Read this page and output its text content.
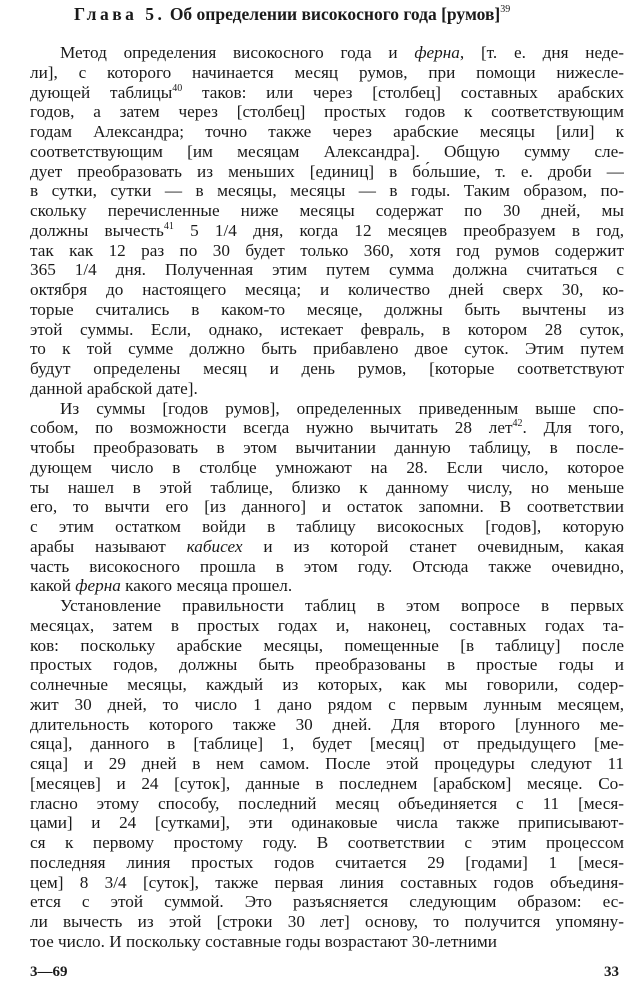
Глава 5. Об определении високосного года [румов]$^{39}$
Метод определения високосного года и ферна, [т. е. дня неде-
ли], с которого начинается месяц румов, при помощи нижесле-
дующей таблицы$^{40}$ таков: или через [столбец] составных арабских
годов, а затем через [столбец] простых годов к соответствующим
годам Александра; точно также через арабские месяцы [или] к
соответствующим [им месяцам Александра]. Общую сумму сле-
дует преобразовать из меньших [единиц] в бо́льшие, т. е. дроби —
в сутки, сутки — в месяцы, месяцы — в годы. Таким образом, по-
скольку перечисленные ниже месяцы содержат по 30 дней, мы
должны вычесть$^{41}$ 5 1/4 дня, когда 12 месяцев преобразуем в год,
так как 12 раз по 30 будет только 360, хотя год румов содержит
365 1/4 дня. Полученная этим путем сумма должна считаться с
октября до настоящего месяца; и количество дней сверх 30, ко-
торые считались в каком-то месяце, должны быть вычтены из
этой суммы. Если, однако, истекает февраль, в котором 28 суток,
то к той сумме должно быть прибавлено двое суток. Этим путем
будут определены месяц и день румов, [которые соответствуют
данной арабской дате].
Из суммы [годов румов], определенных приведенным выше спо-
собом, по возможности всегда нужно вычитать 28 лет$^{42}$. Для того,
чтобы преобразовать в этом вычитании данную таблицу, в после-
дующем число в столбце умножают на 28. Если число, которое
ты нашел в этой таблице, близко к данному числу, но меньше
его, то вычти его [из данного] и остаток запомни. В соответствии
с этим остатком войди в таблицу високосных [годов], которую
арабы называют кабисех и из которой станет очевидным, какая
часть високосного прошла в этом году. Отсюда также очевидно,
какой ферна какого месяца прошел.
Установление правильности таблиц в этом вопросе в первых
месяцах, затем в простых годах и, наконец, составных годах та-
ков: поскольку арабские месяцы, помещенные [в таблицу] после
простых годов, должны быть преобразованы в простые годы и
солнечные месяцы, каждый из которых, как мы говорили, содер-
жит 30 дней, то число 1 дано рядом с первым лунным месяцем,
длительность которого также 30 дней. Для второго [лунного ме-
сяца], данного в [таблице] 1, будет [месяц] от предыдущего [ме-
сяца] и 29 дней в нем самом. После этой процедуры следуют 11
[месяцев] и 24 [суток], данные в последнем [арабском] месяце. Со-
гласно этому способу, последний месяц объединяется с 11 [меся-
цами] и 24 [сутками], эти одинаковые числа также приписывают-
ся к первому простому году. В соответствии с этим процессом
последняя линия простых годов считается 29 [годами] 1 [меся-
цем] 8 3/4 [суток], также первая линия составных годов объединя-
ется с этой суммой. Это разъясняется следующим образом: ес-
ли вычесть из этой [строки 30 лет] основу, то получится упомяну-
тое число. И поскольку составные годы возрастают 30-летними
3—69	33
